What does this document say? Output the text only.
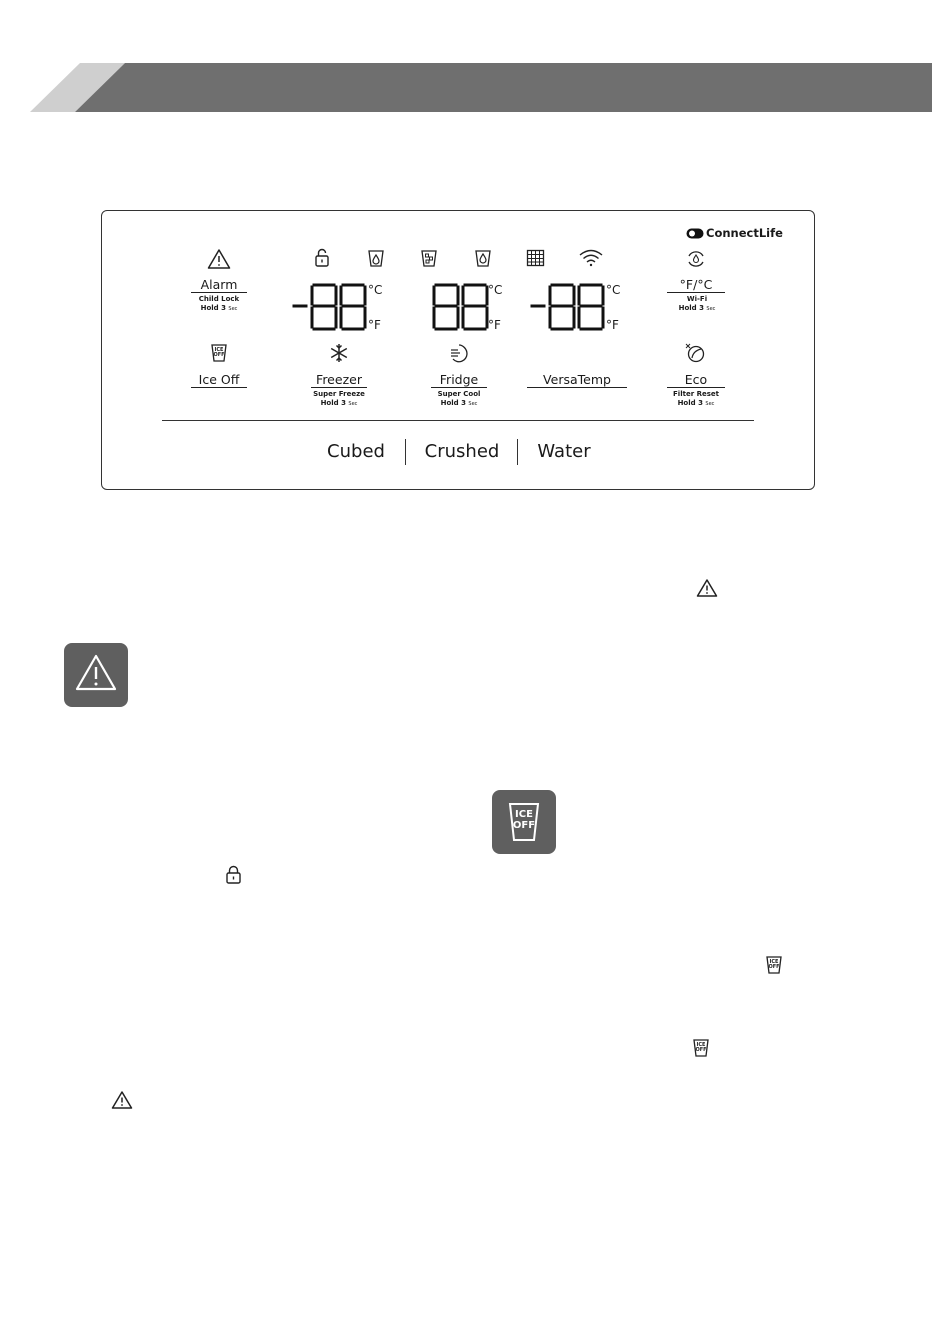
ConnectLife
Alarm
Child Lock
Hold 3 Sec
°F/°C
Wi-Fi
Hold 3 Sec
°C
°F
°C
°F
°C
°F
ICE
OFF
Ice Off	Freezer
Super Freeze
Hold 3 Sec
Fridge
Super Cool
Hold 3 Sec
VersaTemp	Eco
Filter Reset
Hold 3 Sec
Cubed Crushed Water
ICE
OFF
ICE
OFF
ICE
OFF
